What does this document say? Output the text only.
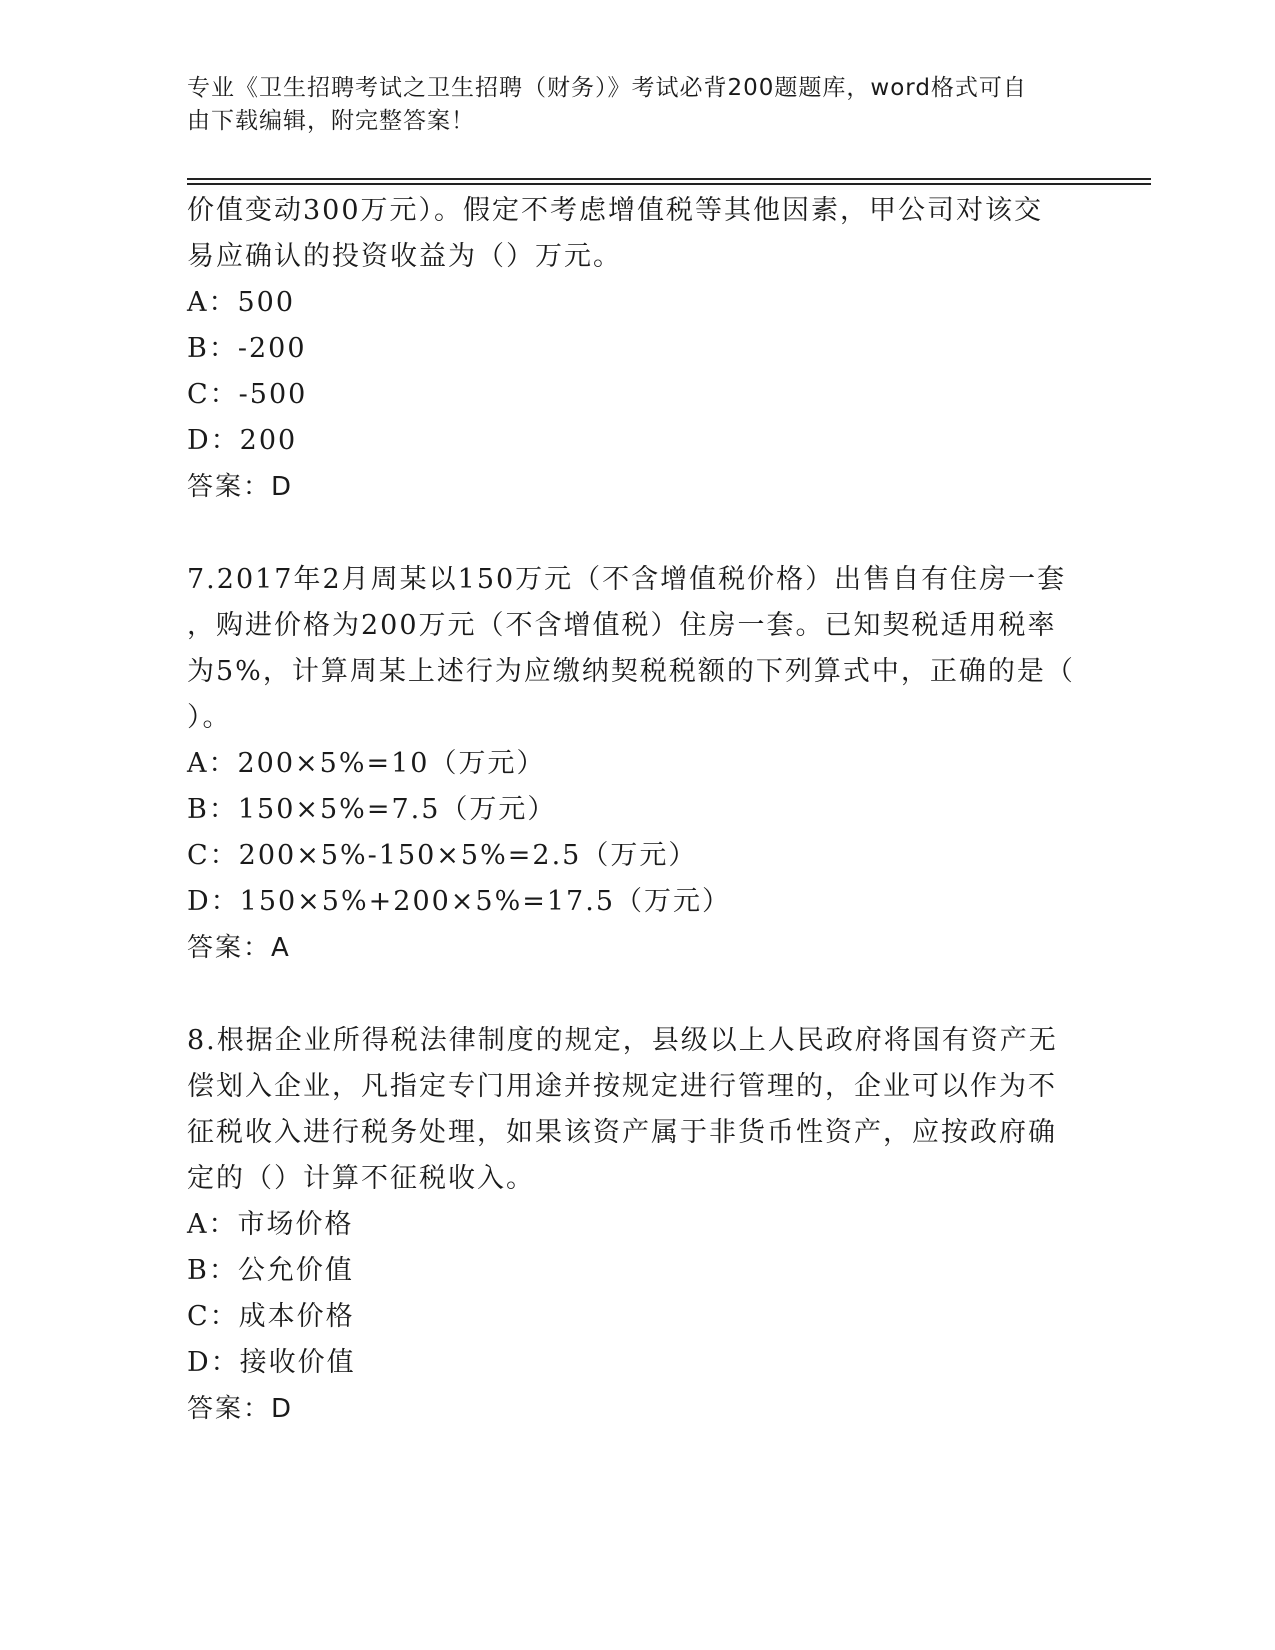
专业《卫生招聘考试之卫生招聘（财务）》考试必背200题题库，word格式可自
由下载编辑，附完整答案！
价值变动300万元）。假定不考虑增值税等其他因素，甲公司对该交
易应确认的投资收益为（）万元。
A：500
B：-200
C：-500
D：200
答案：D
7.2017年2月周某以150万元（不含增值税价格）出售自有住房一套
，购进价格为200万元（不含增值税）住房一套。已知契税适用税率
为5%，计算周某上述行为应缴纳契税税额的下列算式中，正确的是（
）。
A：200×5%=10（万元）
B：150×5%=7.5（万元）
C：200×5%-150×5%=2.5（万元）
D：150×5%+200×5%=17.5（万元）
答案：A
8.根据企业所得税法律制度的规定，县级以上人民政府将国有资产无
偿划入企业，凡指定专门用途并按规定进行管理的，企业可以作为不
征税收入进行税务处理，如果该资产属于非货币性资产，应按政府确
定的（）计算不征税收入。
A：市场价格
B：公允价值
C：成本价格
D：接收价值
答案：D
